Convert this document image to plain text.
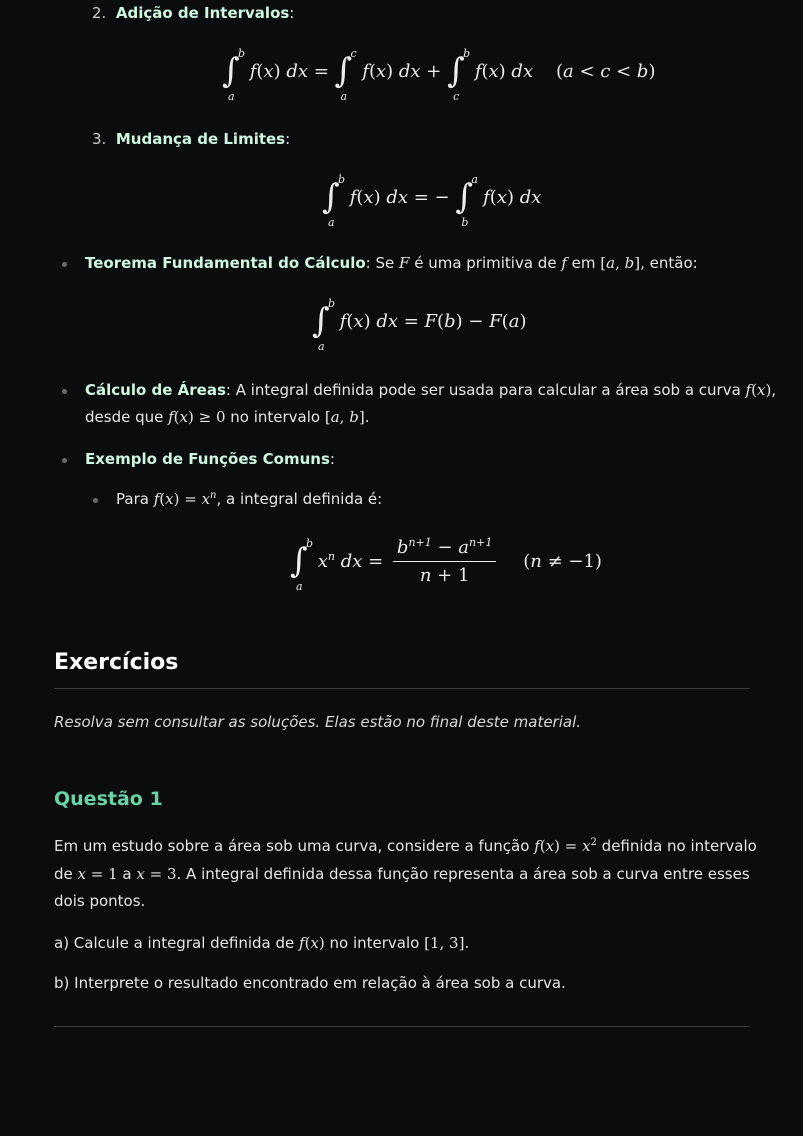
2. Adição de Intervalos:
∫
b
a
f ( x ) dx = ∫
c
a
f ( x ) dx + ∫
b
c
f ( x ) dx ( a < c < b )
3. Mudança de Limites:
∫
b
a
f ( x ) dx = − ∫
a
b
f ( x ) dx
Teorema Fundamental do Cálculo: Se F é uma primitiva de f em [a, b], então:
∫
b
a
f ( x ) dx = F ( b ) − F ( a )
Cálculo de Áreas: A integral definida pode ser usada para calcular a área sob a curva f(x),
desde que f(x) ≥ 0 no intervalo [a, b].
Exemplo de Funções Comuns:
Para $f(x) = x^n$, a integral definida é:
∫
b
a
$x^n$
dx = $\frac{b^{n+1} - a^{n+1}}{n + 1}$ ( n ≠ −1)
Exercícios
Resolva sem consultar as soluções. Elas estão no final deste material.
Questão 1
Em um estudo sobre a área sob uma curva, considere a função $f(x) = x^2$ definida no intervalo
de x = 1 a x = 3. A integral definida dessa função representa a área sob a curva entre esses
dois pontos.
a) Calcule a integral definida de f(x) no intervalo [1, 3].
b) Interprete o resultado encontrado em relação à área sob a curva.
